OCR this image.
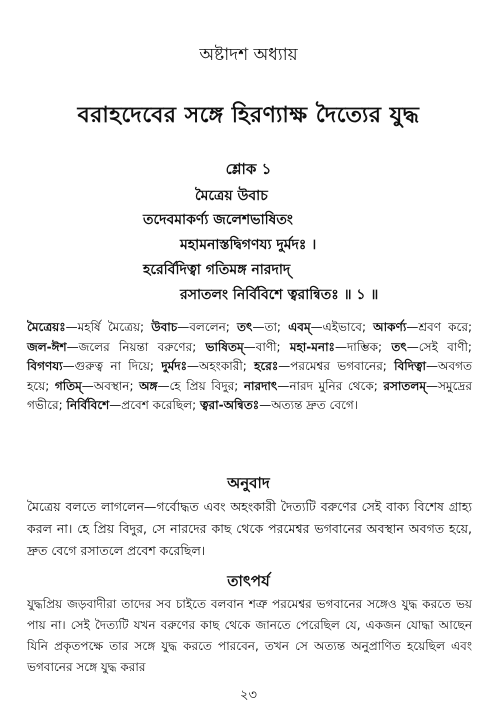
অষ্টাদশ অধ্যায়
বরাহদেবের সঙ্গে হিরণ্যাক্ষ দৈত্যের যুদ্ধ
শ্লোক ১
মৈত্রেয় উবাচ
তদেবমাকর্ণ্য জলেশভাষিতং
মহামনাস্তদ্বিগণয্য দুর্মদঃ ।
হরের্বিদিত্বা গতিমঙ্গ নারদাদ্
রসাতলং নির্বিবিশে ত্বরান্বিতঃ ॥ ১ ॥
মৈত্রেয়ঃ—মহর্ষি মৈত্রেয়; উবাচ—বললেন; তৎ—তা; এবম্—এইভাবে; আকর্ণ্য—শ্রবণ করে; জল-ঈশ—জলের নিয়ন্তা বরুণের; ভাষিতম্—বাণী; মহা-মনাঃ—দাম্ভিক; তৎ—সেই বাণী; বিগণয্য—গুরুত্ব না দিয়ে; দুর্মদঃ—অহংকারী; হরেঃ—পরমেশ্বর ভগবানের; বিদিত্বা—অবগত হয়ে; গতিম্—অবস্থান; অঙ্গ—হে প্রিয় বিদুর; নারদাৎ—নারদ মুনির থেকে; রসাতলম্—সমুদ্রের গভীরে; নির্বিবিশে—প্রবেশ করেছিল; ত্বরা-অন্বিতঃ—অত্যন্ত দ্রুত বেগে।
অনুবাদ
মৈত্রেয় বলতে লাগলেন—গর্বোদ্ধত এবং অহংকারী দৈত্যটি বরুণের সেই বাক্য বিশেষ গ্রাহ্য করল না। হে প্রিয় বিদুর, সে নারদের কাছ থেকে পরমেশ্বর ভগবানের অবস্থান অবগত হয়ে, দ্রুত বেগে রসাতলে প্রবেশ করেছিল।
তাৎপর্য
যুদ্ধপ্রিয় জড়বাদীরা তাদের সব চাইতে বলবান শত্রু পরমেশ্বর ভগবানের সঙ্গেও যুদ্ধ করতে ভয় পায় না। সেই দৈত্যটি যখন বরুণের কাছ থেকে জানতে পেরেছিল যে, একজন যোদ্ধা আছেন যিনি প্রকৃতপক্ষে তার সঙ্গে যুদ্ধ করতে পারবেন, তখন সে অত্যন্ত অনুপ্রাণিত হয়েছিল এবং ভগবানের সঙ্গে যুদ্ধ করার
২৩
